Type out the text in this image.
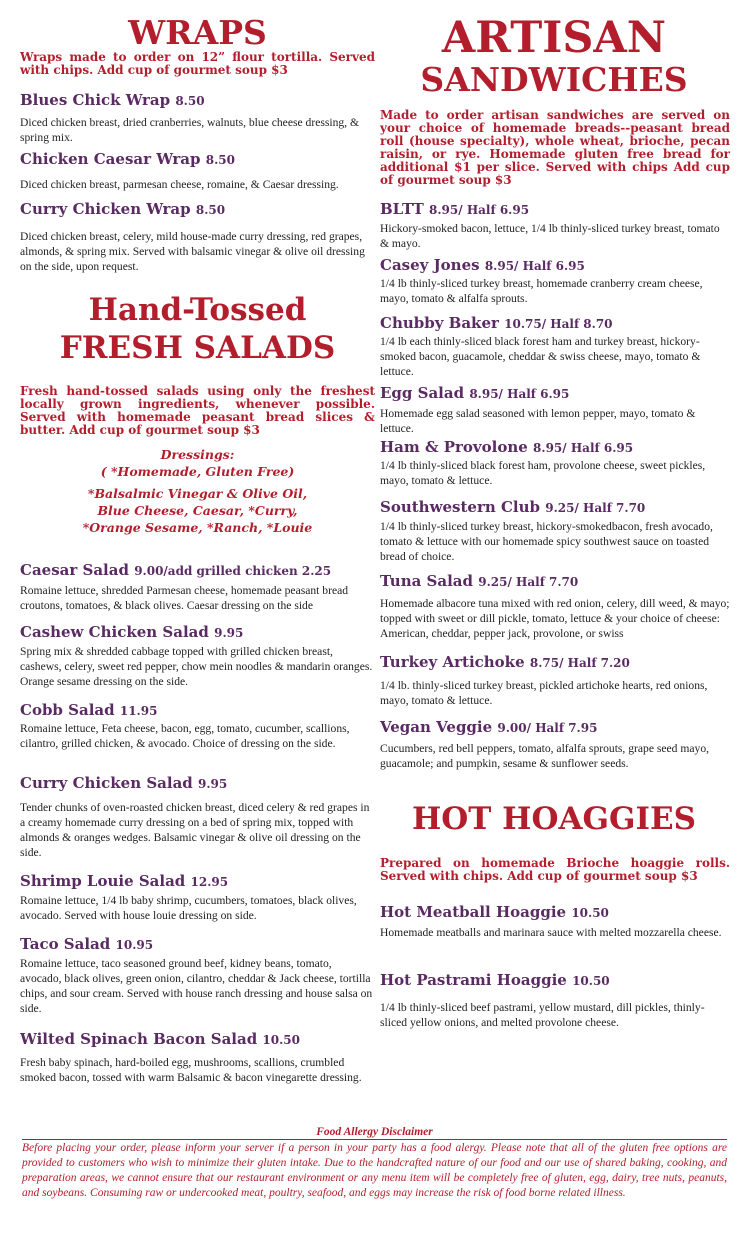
WRAPS

Wraps made to order on 12” flour tortilla. Served with chips. Add cup of gourmet soup $3

Blues Chick Wrap 8.50

Diced chicken breast, dried cranberries, walnuts, blue cheese dressing, & spring mix.

Chicken Caesar Wrap 8.50

Diced chicken breast, parmesan cheese, romaine, & Caesar dressing.

Curry Chicken Wrap 8.50

Diced chicken breast, celery, mild house-made curry dressing, red grapes, almonds, & spring mix. Served with balsamic vinegar & olive oil dressing on the side, upon request.

Hand-Tossed
FRESH SALADS

Fresh hand-tossed salads using only the freshest locally grown ingredients, whenever possible. Served with homemade peasant bread slices & butter. Add cup of gourmet soup $3

Dressings:
( *Homemade, Gluten Free)
*Balsalmic Vinegar & Olive Oil,
Blue Cheese, Caesar, *Curry,
*Orange Sesame, *Ranch, *Louie

Caesar Salad 9.00/add grilled chicken 2.25

Romaine lettuce, shredded Parmesan cheese, homemade peasant bread croutons, tomatoes, & black olives. Caesar dressing on the side

Cashew Chicken Salad 9.95

Spring mix & shredded cabbage topped with grilled chicken breast, cashews, celery, sweet red pepper, chow mein noodles & mandarin oranges. Orange sesame dressing on the side.

Cobb Salad 11.95

Romaine lettuce, Feta cheese, bacon, egg, tomato, cucumber, scallions, cilantro, grilled chicken, & avocado. Choice of dressing on the side.

Curry Chicken Salad 9.95

Tender chunks of oven-roasted chicken breast, diced celery & red grapes in a creamy homemade curry dressing on a bed of spring mix, topped with almonds & oranges wedges. Balsamic vinegar & olive oil dressing on the side.

Shrimp Louie Salad 12.95

Romaine lettuce, 1/4 lb baby shrimp, cucumbers, tomatoes, black olives, avocado. Served with house louie dressing on side.

Taco Salad 10.95

Romaine lettuce, taco seasoned ground beef, kidney beans, tomato, avocado, black olives, green onion, cilantro, cheddar & Jack cheese, tortilla chips, and sour cream. Served with house ranch dressing and house salsa on side.

Wilted Spinach Bacon Salad 10.50

Fresh baby spinach, hard-boiled egg, mushrooms, scallions, crumbled smoked bacon, tossed with warm Balsamic & bacon vinegarette dressing.

ARTISAN
SANDWICHES

Made to order artisan sandwiches are served on your choice of homemade breads--peasant bread roll (house specialty), whole wheat, brioche, pecan raisin, or rye. Homemade gluten free bread for additional $1 per slice. Served with chips Add cup of gourmet soup $3

BLTT 8.95/ Half 6.95

Hickory-smoked bacon, lettuce, 1/4 lb thinly-sliced turkey breast, tomato & mayo.

Casey Jones 8.95/ Half 6.95

1/4 lb thinly-sliced turkey breast, homemade cranberry cream cheese, mayo, tomato & alfalfa sprouts.

Chubby Baker 10.75/ Half 8.70

1/4 lb each thinly-sliced black forest ham and turkey breast, hickory-smoked bacon, guacamole, cheddar & swiss cheese, mayo, tomato & lettuce.

Egg Salad 8.95/ Half 6.95

Homemade egg salad seasoned with lemon pepper, mayo, tomato & lettuce.

Ham & Provolone 8.95/ Half 6.95

1/4 lb thinly-sliced black forest ham, provolone cheese, sweet pickles, mayo, tomato & lettuce.

Southwestern Club 9.25/ Half 7.70

1/4 lb thinly-sliced turkey breast, hickory-smokedbacon, fresh avocado, tomato & lettuce with our homemade spicy southwest sauce on toasted bread of choice.

Tuna Salad 9.25/ Half 7.70

Homemade albacore tuna mixed with red onion, celery, dill weed, & mayo; topped with sweet or dill pickle, tomato, lettuce & your choice of cheese: American, cheddar, pepper jack, provolone, or swiss

Turkey Artichoke 8.75/ Half 7.20

1/4 lb. thinly-sliced turkey breast, pickled artichoke hearts, red onions, mayo, tomato & lettuce.

Vegan Veggie 9.00/ Half 7.95

Cucumbers, red bell peppers, tomato, alfalfa sprouts, grape seed mayo, guacamole; and pumpkin, sesame & sunflower seeds.

HOT HOAGGIES

Prepared on homemade Brioche hoaggie rolls. Served with chips. Add cup of gourmet soup $3

Hot Meatball Hoaggie 10.50

Homemade meatballs and marinara sauce with melted mozzarella cheese.

Hot Pastrami Hoaggie 10.50

1/4 lb thinly-sliced beef pastrami, yellow mustard, dill pickles, thinly-sliced yellow onions, and melted provolone cheese.

Food Allergy Disclaimer

Before placing your order, please inform your server if a person in your party has a food alergy. Please note that all of the gluten free options are provided to customers who wish to minimize their gluten intake. Due to the handcrafted nature of our food and our use of shared baking, cooking, and preparation areas, we cannot ensure that our restaurant environment or any menu item will be completely free of gluten, egg, dairy, tree nuts, peanuts, and soybeans. Consuming raw or undercooked meat, poultry, seafood, and eggs may increase the risk of food borne related illness.
